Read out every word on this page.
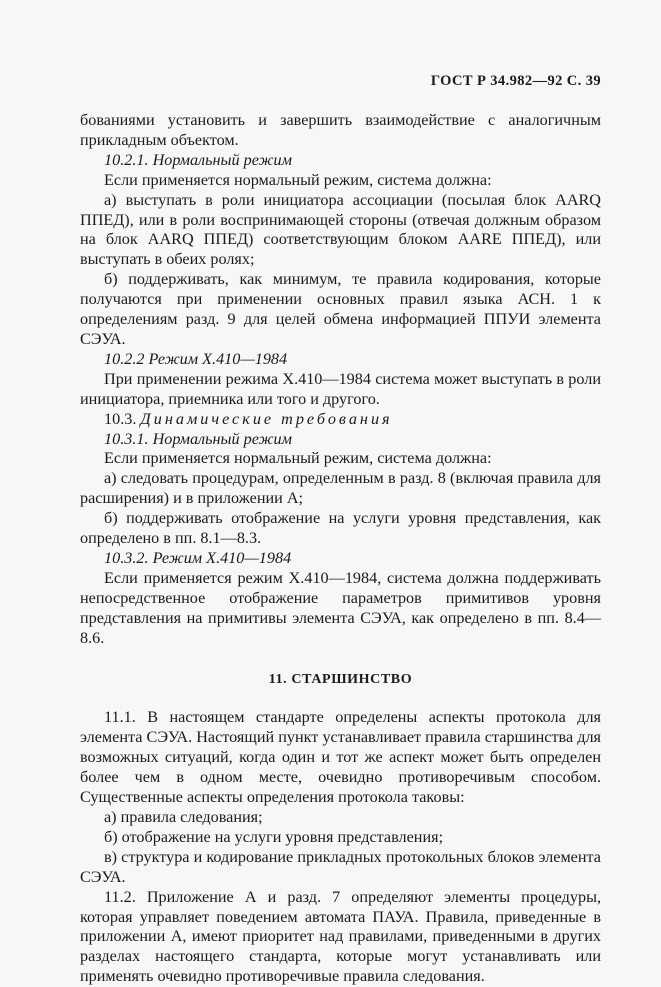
ГОСТ Р 34.982—92 С. 39

бованиями установить и завершить взаимодействие с аналогичным прикладным объектом.

10.2.1. Нормальный режим

Если применяется нормальный режим, система должна:

а) выступать в роли инициатора ассоциации (посылая блок AARQ ППЕД), или в роли воспринимающей стороны (отвечая должным образом на блок AARQ ППЕД) соответствующим блоком AARE ППЕД), или выступать в обеих ролях;

б) поддерживать, как минимум, те правила кодирования, которые получаются при применении основных правил языка АСН. 1 к определениям разд. 9 для целей обмена информацией ППУИ элемента СЭУА.

10.2.2 Режим Х.410—1984

При применении режима Х.410—1984 система может выступать в роли инициатора, приемника или того и другого.

10.3. Динамические требования

10.3.1. Нормальный режим

Если применяется нормальный режим, система должна:

а) следовать процедурам, определенным в разд. 8 (включая правила для расширения) и в приложении А;

б) поддерживать отображение на услуги уровня представления, как определено в пп. 8.1—8.3.

10.3.2. Режим Х.410—1984

Если применяется режим Х.410—1984, система должна поддерживать непосредственное отображение параметров примитивов уровня представления на примитивы элемента СЭУА, как определено в пп. 8.4—8.6.

11. СТАРШИНСТВО

11.1. В настоящем стандарте определены аспекты протокола для элемента СЭУА. Настоящий пункт устанавливает правила старшинства для возможных ситуаций, когда один и тот же аспект может быть определен более чем в одном месте, очевидно противоречивым способом. Существенные аспекты определения протокола таковы:

а) правила следования;

б) отображение на услуги уровня представления;

в) структура и кодирование прикладных протокольных блоков элемента СЭУА.

11.2. Приложение А и разд. 7 определяют элементы процедуры, которая управляет поведением автомата ПАУА. Правила, приведенные в приложении А, имеют приоритет над правилами, приведенными в других разделах настоящего стандарта, которые могут устанавливать или применять очевидно противоречивые правила следования.
